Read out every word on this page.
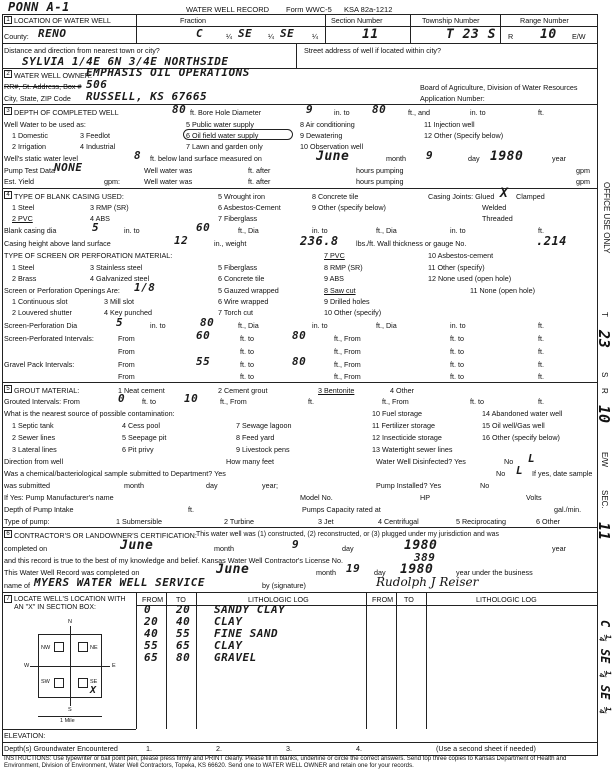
PONN A-1	WATER WELL RECORD Form WWC-5 KSA 82a-1212
1 LOCATION OF WATER WELL	Fraction	Section Number	Township Number	Range Number
County: RENO	C	¼ SE ¼ SE ¼	11	T 23 S R 10 E/W
Distance and direction from nearest town or city?
SYLVIA 1/4E 6N 3/4E NORTHSIDE
Street address of well if located within city?
2 WATER WELL OWNER:
EMPHASIS OIL OPERATIONS
RR#, St. Address, Box # 506
City, State, ZIP Code RUSSELL, KS 67665
Board of Agriculture, Division of Water Resources
Application Number:
3 DEPTH OF COMPLETED WELL	80 ft. Bore Hole Diameter	9	in. to 80	ft., and	in. to	ft.
Well Water to be used as:	5 Public water supply	8 Air conditioning	11 Injection well
1 Domestic	3 Feedlot	6 Oil field water supply	9 Dewatering	12 Other (Specify below)
2 Irrigation	4 Industrial	7 Lawn and garden only	10 Observation well
Well's static water level	8 ft. below land surface measured on	June	month 9	day 1980	year
Pump Test Data
NONE	Well water was	ft. after	hours pumping	gpm
Est. Yield	gpm:	Well water was	ft. after	hours pumping	gpm
4 TYPE OF BLANK CASING USED:	5 Wrought iron	8 Concrete tile	Casing Joints: Glued X Clamped
1 Steel	3 RMP (SR)	6 Asbestos-Cement	9 Other (specify below)	Welded
2 PVC	4 ABS	7 Fiberglass	Threaded
Blank casing dia	5	in. to	60	ft., Dia	in. to	ft., Dia	in. to	ft.
Casing height above land surface	12	in., weight	236.8 lbs./ft. Wall thickness or gauge No.	.214
TYPE OF SCREEN OR PERFORATION MATERIAL:	7 PVC	10 Asbestos-cement
1 Steel	3 Stainless steel	5 Fiberglass	8 RMP (SR)	11 Other (specify)
2 Brass	4 Galvanized steel	6 Concrete tile	9 ABS	12 None used (open hole)
Screen or Perforation Openings Are: 1/8	5 Gauzed wrapped	8 Saw cut	11 None (open hole)
1 Continuous slot	3 Mill slot	6 Wire wrapped	9 Drilled holes
2 Louvered shutter	4 Key punched	7 Torch cut	10 Other (specify)
Screen-Perforation Dia	5	in. to	80	ft., Dia	in. to	ft., Dia	in. to	ft.
Screen-Perforated Intervals:	From	60	ft. to	80	ft., From	ft. to	ft.
From	ft. to	ft., From	ft. to	ft.
Gravel Pack Intervals:	From	55	ft. to	80	ft., From	ft. to	ft.
From	ft. to	ft., From	ft. to	ft.
5 GROUT MATERIAL:	1 Neat cement	2 Cement grout	3 Bentonite	4 Other
Grouted Intervals: From	0 ft. to	10	ft., From	ft.	ft., From	ft. to	ft.
What is the nearest source of possible contamination:	10 Fuel storage	14 Abandoned water well
1 Septic tank	4 Cess pool	7 Sewage lagoon	11 Fertilizer storage	15 Oil well/Gas well
2 Sewer lines	5 Seepage pit	8 Feed yard	12 Insecticide storage	16 Other (specify below)
3 Lateral lines	6 Pit privy	9 Livestock pens	13 Watertight sewer lines
Direction from well	How many feet	Water Well Disinfected? Yes	No L
Was a chemical/bacteriological sample submitted to Department? Yes	No L If yes, date sample
was submitted	month	day	year;	Pump Installed? Yes	No
If Yes: Pump Manufacturer's name	Model No.	HP	Volts
Depth of Pump Intake	ft.	Pumps Capacity rated at	gal./min.
Type of pump:	1 Submersible	2 Turbine	3 Jet	4 Centrifugal	5 Reciprocating	6 Other
6 CONTRACTOR'S OR LANDOWNER'S CERTIFICATION: This water well was (1) constructed, (2) reconstructed, or (3) plugged under my jurisdiction and was
completed on	June	month	9	day	1980	year
and this record is true to the best of my knowledge and belief. Kansas Water Well Contractor's License No.	389
This Water Well Record was completed on	June	month 19 day 1980	year under the business
name of MYERS WATER WELL SERVICE	by (signature)	Rudolph J Reiser
7 LOCATE WELL'S LOCATION WITH AN "X" IN SECTION BOX:
FROM TO	LITHOLOGIC LOG	FROM TO	LITHOLOGIC LOG
0 20 SANDY CLAY
20 40 CLAY
40 55 FINE SAND
55 65 CLAY
65 80 GRAVEL
N
S
W	E
NW	NE
SW	SE
X
1 Mile
ELEVATION:
Depth(s) Groundwater Encountered	1.	2.	3.	4.	(Use a second sheet if needed)
INSTRUCTIONS: Use typewriter or ball point pen, please press firmly and PRINT clearly. Please fill in blanks, underline or circle the correct answers. Send top three copies to Kansas Department of Health and Environment, Division of Environment, Water Well Contractors, Topeka, KS 66620. Send one to WATER WELL OWNER and retain one for your records.
OFFICE USE ONLY
T
23
S
R
10
E/W
SEC.
11
C ¼ SE ¼ SE ¼
